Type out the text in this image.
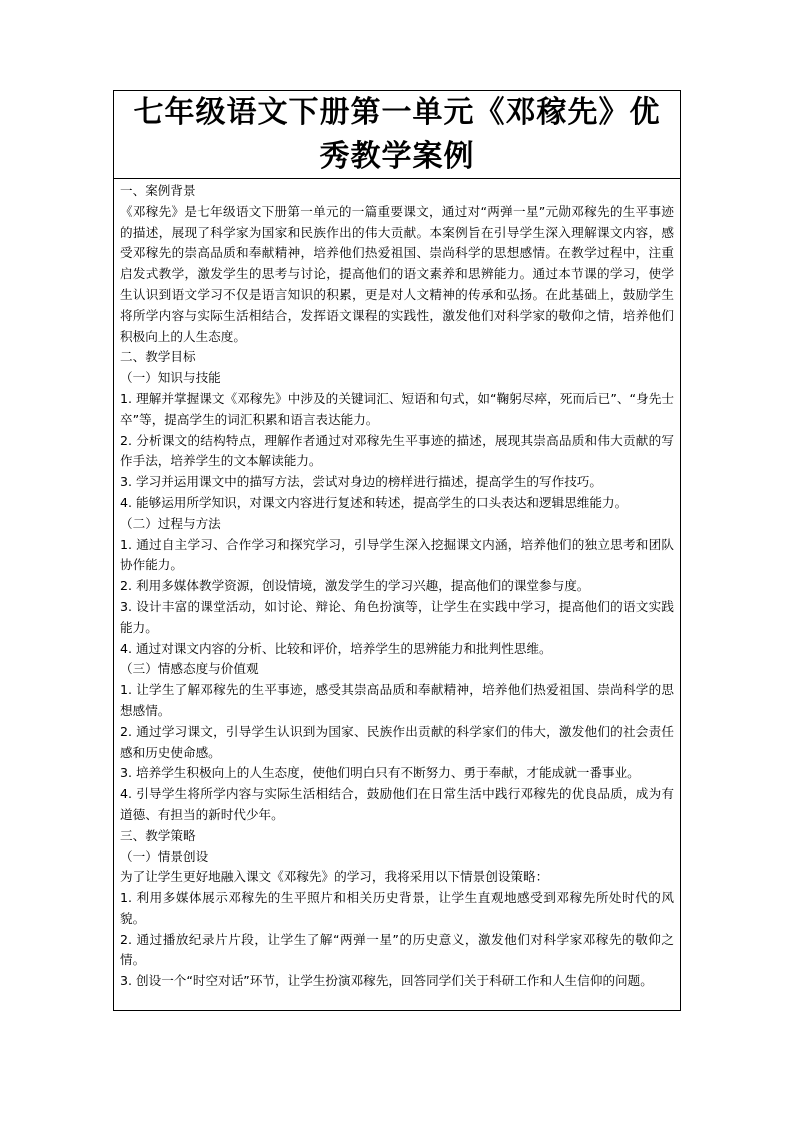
七年级语文下册第一单元《邓稼先》优秀教学案例

一、案例背景

《邓稼先》是七年级语文下册第一单元的一篇重要课文，通过对“两弹一星”元勋邓稼先的生平事迹的描述，展现了科学家为国家和民族作出的伟大贡献。本案例旨在引导学生深入理解课文内容，感受邓稼先的崇高品质和奉献精神，培养他们热爱祖国、崇尚科学的思想感情。在教学过程中，注重启发式教学，激发学生的思考与讨论，提高他们的语文素养和思辨能力。通过本节课的学习，使学生认识到语文学习不仅是语言知识的积累，更是对人文精神的传承和弘扬。在此基础上，鼓励学生将所学内容与实际生活相结合，发挥语文课程的实践性，激发他们对科学家的敬仰之情，培养他们积极向上的人生态度。

二、教学目标

（一）知识与技能

1. 理解并掌握课文《邓稼先》中涉及的关键词汇、短语和句式，如“鞠躬尽瘁，死而后已”、“身先士卒”等，提高学生的词汇积累和语言表达能力。

2. 分析课文的结构特点，理解作者通过对邓稼先生平事迹的描述，展现其崇高品质和伟大贡献的写作手法，培养学生的文本解读能力。

3. 学习并运用课文中的描写方法，尝试对身边的榜样进行描述，提高学生的写作技巧。

4. 能够运用所学知识，对课文内容进行复述和转述，提高学生的口头表达和逻辑思维能力。

（二）过程与方法

1. 通过自主学习、合作学习和探究学习，引导学生深入挖掘课文内涵，培养他们的独立思考和团队协作能力。

2. 利用多媒体教学资源，创设情境，激发学生的学习兴趣，提高他们的课堂参与度。

3. 设计丰富的课堂活动，如讨论、辩论、角色扮演等，让学生在实践中学习，提高他们的语文实践能力。

4. 通过对课文内容的分析、比较和评价，培养学生的思辨能力和批判性思维。

（三）情感态度与价值观

1. 让学生了解邓稼先的生平事迹，感受其崇高品质和奉献精神，培养他们热爱祖国、崇尚科学的思想感情。

2. 通过学习课文，引导学生认识到为国家、民族作出贡献的科学家们的伟大，激发他们的社会责任感和历史使命感。

3. 培养学生积极向上的人生态度，使他们明白只有不断努力、勇于奉献，才能成就一番事业。

4. 引导学生将所学内容与实际生活相结合，鼓励他们在日常生活中践行邓稼先的优良品质，成为有道德、有担当的新时代少年。

三、教学策略

（一）情景创设

为了让学生更好地融入课文《邓稼先》的学习，我将采用以下情景创设策略：

1. 利用多媒体展示邓稼先的生平照片和相关历史背景，让学生直观地感受到邓稼先所处时代的风貌。

2. 通过播放纪录片片段，让学生了解“两弹一星”的历史意义，激发他们对科学家邓稼先的敬仰之情。

3. 创设一个“时空对话”环节，让学生扮演邓稼先，回答同学们关于科研工作和人生信仰的问题。
